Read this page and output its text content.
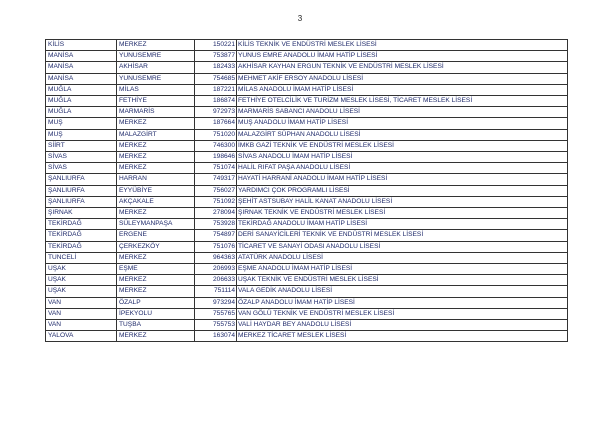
3
KİLİS	MERKEZ	150221	KİLİS TEKNİK VE ENDÜSTRİ MESLEK LİSESİ
MANİSA	YUNUSEMRE	753877	YUNUS EMRE ANADOLU İMAM HATİP LİSESİ
MANİSA	AKHİSAR	182433	AKHİSAR KAYHAN ERGUN TEKNİK VE ENDÜSTRİ MESLEK LİSESİ
MANİSA	YUNUSEMRE	754685	MEHMET AKİF ERSOY ANADOLU LİSESİ
MUĞLA	MİLAS	187221	MİLAS ANADOLU İMAM HATİP LİSESİ
MUĞLA	FETHİYE	186874	FETHİYE OTELCİLİK VE TURİZM MESLEK LİSESİ, TİCARET MESLEK LİSESİ
MUĞLA	MARMARİS	972973	MARMARİS SABANCI ANADOLU LİSESİ
MUŞ	MERKEZ	187664	MUŞ ANADOLU İMAM HATİP LİSESİ
MUŞ	MALAZGİRT	751020	MALAZGİRT SÜPHAN ANADOLU LİSESİ
SİİRT	MERKEZ	746300	İMKB GAZİ TEKNİK VE ENDÜSTRİ MESLEK LİSESİ
SİVAS	MERKEZ	198646	SİVAS ANADOLU İMAM HATİP LİSESİ
SİVAS	MERKEZ	751074	HALİL RIFAT PAŞA ANADOLU LİSESİ
ŞANLIURFA	HARRAN	749317	HAYATİ HARRANİ ANADOLU İMAM HATİP LİSESİ
ŞANLIURFA	EYYÜBİYE	756027	YARDIMCI ÇOK PROGRAMLI LİSESİ
ŞANLIURFA	AKÇAKALE	751092	ŞEHİT ASTSUBAY HALİL KANAT ANADOLU LİSESİ
ŞIRNAK	MERKEZ	278094	ŞIRNAK TEKNİK VE ENDÜSTRİ MESLEK LİSESİ
TEKİRDAĞ	SÜLEYMANPAŞA	753928	TEKİRDAĞ ANADOLU İMAM HATİP LİSESİ
TEKİRDAĞ	ERGENE	754897	DERİ SANAYİCİLERİ TEKNİK VE ENDÜSTRİ MESLEK LİSESİ
TEKİRDAĞ	ÇERKEZKÖY	751076	TİCARET VE SANAYİ ODASI ANADOLU LİSESİ
TUNCELİ	MERKEZ	964363	ATATÜRK ANADOLU LİSESİ
UŞAK	EŞME	206993	EŞME ANADOLU İMAM HATİP LİSESİ
UŞAK	MERKEZ	206633	UŞAK TEKNİK VE ENDÜSTRİ MESLEK LİSESİ
UŞAK	MERKEZ	751114	VALA GEDİK ANADOLU LİSESİ
VAN	ÖZALP	973294	ÖZALP ANADOLU İMAM HATİP LİSESİ
VAN	İPEKYOLU	755765	VAN GÖLÜ TEKNİK VE ENDÜSTRİ MESLEK LİSESİ
VAN	TUŞBA	755753	VALİ HAYDAR BEY ANADOLU LİSESİ
YALOVA	MERKEZ	163074	MERKEZ TİCARET MESLEK LİSESİ
